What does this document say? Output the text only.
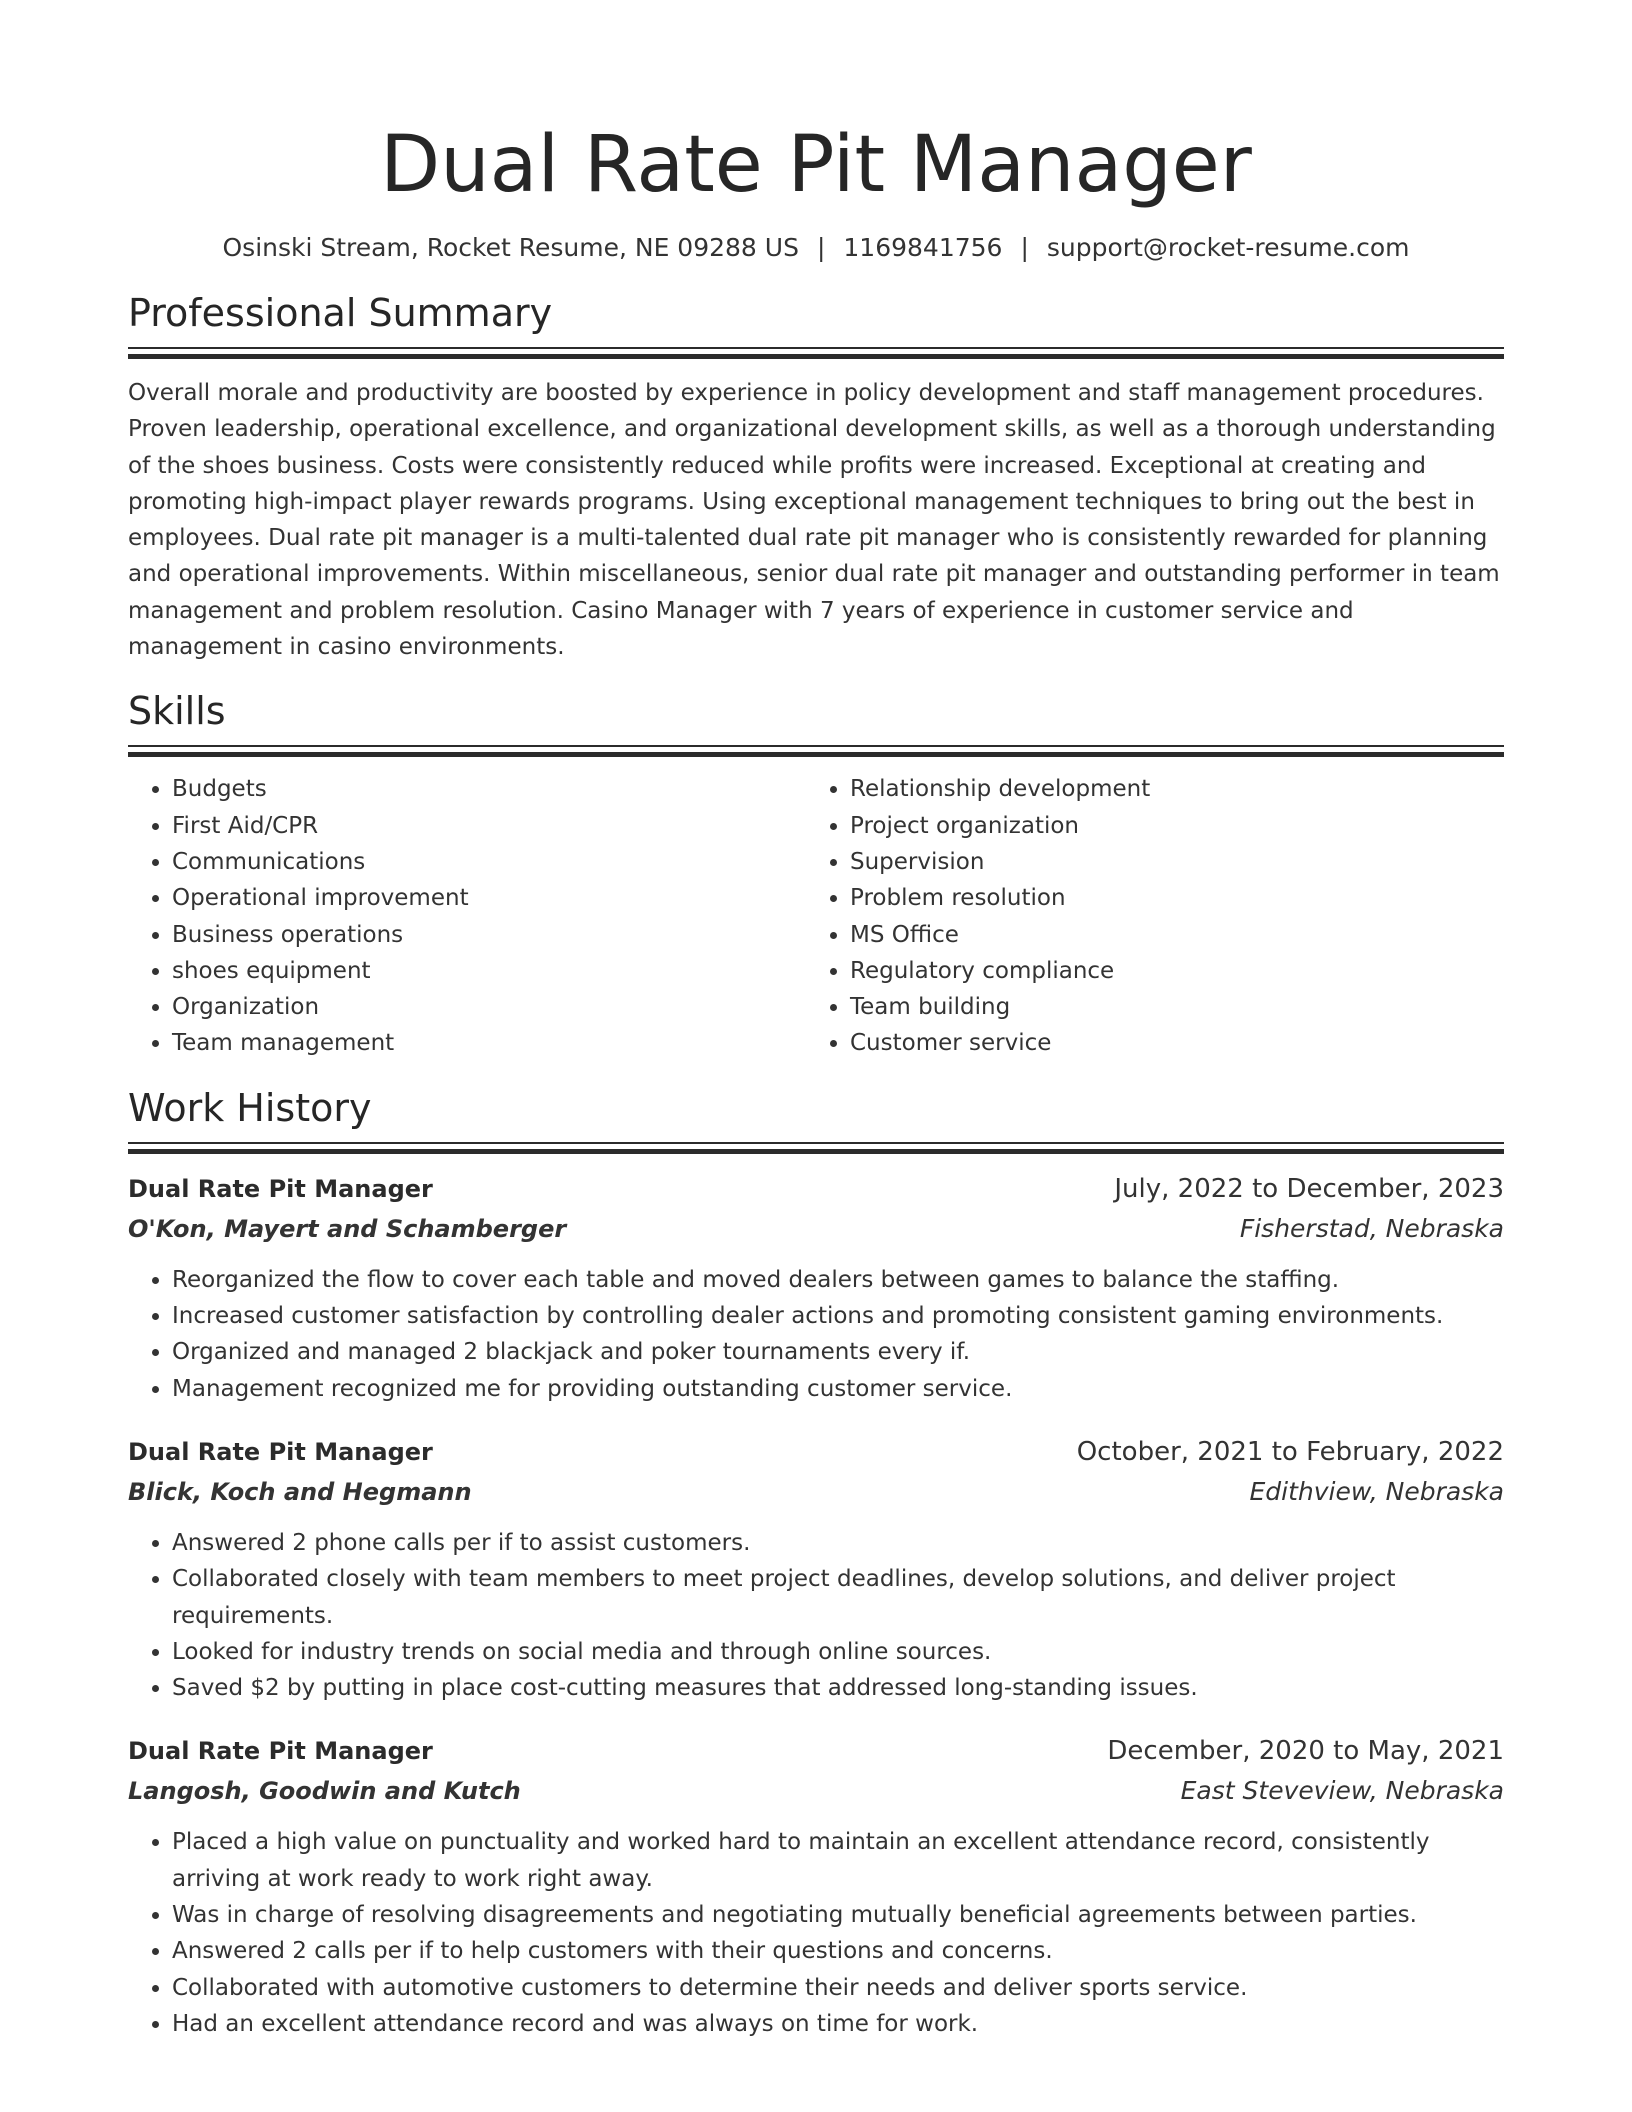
Dual Rate Pit Manager
Osinski Stream, Rocket Resume, NE 09288 US | 1169841756 | support@rocket-resume.com
Professional Summary

Overall morale and productivity are boosted by experience in policy development and staff management procedures. Proven leadership, operational excellence, and organizational development skills, as well as a thorough understanding of the shoes business. Costs were consistently reduced while profits were increased. Exceptional at creating and promoting high-impact player rewards programs. Using exceptional management techniques to bring out the best in employees. Dual rate pit manager is a multi-talented dual rate pit manager who is consistently rewarded for planning and operational improvements. Within miscellaneous, senior dual rate pit manager and outstanding performer in team management and problem resolution. Casino Manager with 7 years of experience in customer service and management in casino environments.

Skills
• Budgets
• First Aid/CPR
• Communications
• Operational improvement
• Business operations
• shoes equipment
• Organization
• Team management
• Relationship development
• Project organization
• Supervision
• Problem resolution
• MS Office
• Regulatory compliance
• Team building
• Customer service
Work History
Dual Rate Pit Manager	July, 2022 to December, 2023
O'Kon, Mayert and Schamberger	Fisherstad, Nebraska
• Reorganized the flow to cover each table and moved dealers between games to balance the staffing.
• Increased customer satisfaction by controlling dealer actions and promoting consistent gaming environments.
• Organized and managed 2 blackjack and poker tournaments every if.
• Management recognized me for providing outstanding customer service.
Dual Rate Pit Manager	October, 2021 to February, 2022
Blick, Koch and Hegmann	Edithview, Nebraska
• Answered 2 phone calls per if to assist customers.
• Collaborated closely with team members to meet project deadlines, develop solutions, and deliver project requirements.
• Looked for industry trends on social media and through online sources.
• Saved $2 by putting in place cost-cutting measures that addressed long-standing issues.
Dual Rate Pit Manager	December, 2020 to May, 2021
Langosh, Goodwin and Kutch	East Steveview, Nebraska
• Placed a high value on punctuality and worked hard to maintain an excellent attendance record, consistently arriving at work ready to work right away.
• Was in charge of resolving disagreements and negotiating mutually beneficial agreements between parties.
• Answered 2 calls per if to help customers with their questions and concerns.
• Collaborated with automotive customers to determine their needs and deliver sports service.
• Had an excellent attendance record and was always on time for work.
